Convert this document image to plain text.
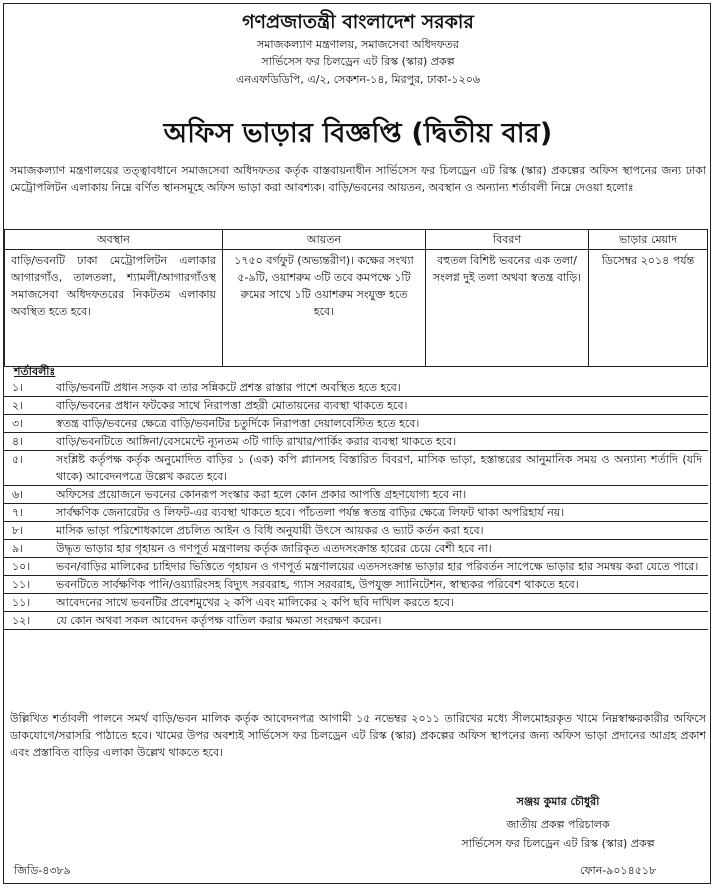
গণপ্রজাতন্ত্রী বাংলাদেশ সরকার
সমাজকল্যাণ মন্ত্রণালয়, সমাজসেবা অধিদফতর
সার্ভিসেস ফর চিলড্রেন এট রিস্ক (স্কার) প্রকল্প
এনএফডিডিপি, এ/২, সেকশন-১৪, মিরপুর, ঢাকা-১২০৬
অফিস ভাড়ার বিজ্ঞপ্তি (দ্বিতীয় বার)
সমাজকল্যাণ মন্ত্রণালয়ের তত্ত্বাবধানে সমাজসেবা অধিদফতর কর্তৃক বাস্তবায়নাধীন সার্ভিসেস ফর চিলড্রেন এট রিস্ক (স্কার) প্রকল্পের অফিস স্থাপনের জন্য ঢাকা মেট্রোপলিটন এলাকায় নিম্নে বর্ণিত স্থানসমূহে অফিস ভাড়া করা আবশ্যক। বাড়ি/ভবনের আয়তন, অবস্থান ও অন্যান্য শর্তাবলী নিম্নে দেওয়া হলোঃ
অবস্থান	আয়তন	বিবরণ	ভাড়ার মেয়াদ

বাড়ি/ভবনটি ঢাকা মেট্রোপলিটন এলাকার আগারগাঁও, তালতলা, শ্যামলী/আগারগাঁওস্থ সমাজসেবা অধিদফতরের নিকটতম এলাকায় অবস্থিত হতে হবে।	১৭৫০ বর্গফুট (অভ্যন্তরীণ)। কক্ষের সংখ্যা ৫-৯টি, ওয়াশরুম ৩টি তবে কমপক্ষে ১টি রুমের সাথে ১টি ওয়াশরুম সংযুক্ত হতে হবে।	বহুতল বিশিষ্ট ভবনের এক তলা/সংলগ্ন দুই তলা অথবা স্বতন্ত্র বাড়ি।	ডিসেম্বর ২০১৪ পর্যন্ত
শর্তাবলীঃ
১।	বাড়ি/ভবনটি প্রধান সড়ক বা তার সন্নিকটে প্রশস্ত রাস্তার পাশে অবস্থিত হতে হবে।
২।	বাড়ি/ভবনের প্রধান ফটকের সাথে নিরাপত্তা প্রহরী মোতায়নের ব্যবস্থা থাকতে হবে।
৩।	স্বতন্ত্র বাড়ি/ভবনের ক্ষেত্রে বাড়ি/ভবনটির চতুর্দিকে নিরাপত্তা দেয়ালবেস্টিত হতে হবে।
৪।	বাড়ি/ভবনটিতে আঙ্গিনা/বেসমেন্টে ন্যূনতম ৩টি গাড়ি রাখার/পার্কিং করার ব্যবস্থা থাকতে হবে।
৫।	সংশ্লিষ্ট কর্তৃপক্ষ কর্তৃক অনুমোদিত বাড়ির ১ (এক) কপি প্ল্যানসহ বিস্তারিত বিবরণ, মাসিক ভাড়া, হস্তান্তরের আনুমানিক সময় ও অন্যান্য শর্তাদি (যদি থাকে) আবেদনপত্রে উল্লেখ করতে হবে।
৬।	অফিসের প্রয়োজনে ভবনের কোনরূপ সংস্কার করা হলে কোন প্রকার আপত্তি গ্রহণযোগ্য হবে না।
৭।	সার্বক্ষণিক জেনারেটর ও লিফট-এর ব্যবস্থা থাকতে হবে। পাঁচতলা পর্যন্ত স্বতন্ত্র বাড়ির ক্ষেত্রে লিফট থাকা অপরিহার্য নয়।
৮।	মাসিক ভাড়া পরিশোধকালে প্রচলিত আইন ও বিধি অনুযায়ী উৎসে আয়কর ও ভ্যাট কর্তন করা হবে।
৯।	উদ্ধৃত ভাড়ার হার গৃহায়ন ও গণপূর্ত মন্ত্রণালয় কর্তৃক জারিকৃত এতদসংক্রান্ত হারের চেয়ে বেশী হবে না।
১০।	ভবন/বাড়ির মালিকের চাহিদার ভিত্তিতে গৃহায়ন ও গণপূর্ত মন্ত্রণালয়ের এতদসংক্রান্ত ভাড়ার হার পরিবর্তন সাপেক্ষে ভাড়ার হার সমন্বয় করা যেতে পারে।
১১।	ভবনটিতে সার্বক্ষণিক পানি/ওয়্যারিংসহ বিদ্যুৎ সরবরাহ, গ্যাস সরবরাহ, উপযুক্ত স্যানিটেশন, স্বাস্থ্যকর পরিবেশ থাকতে হবে।
১১।	আবেদনের সাথে ভবনটির প্রবেশমুখের ২ কপি এবং মালিকের ২ কপি ছবি দাখিল করতে হবে।
১২।	যে কোন অথবা সকল আবেদন কর্তৃপক্ষ বাতিল করার ক্ষমতা সংরক্ষণ করেন।
উল্লিখিত শর্তাবলী পালনে সমর্থ বাড়ি/ভবন মালিক কর্তৃক আবেদনপত্র আগামী ১৫ নভেম্বর ২০১১ তারিখের মধ্যে সীলমোহরকৃত খামে নিম্নস্বাক্ষরকারীর অফিসে ডাকযোগে/সরাসরি পাঠাতে হবে। খামের উপর অবশ্যই সার্ভিসেস ফর চিলড্রেন এট রিস্ক (স্কার) প্রকল্পের অফিস স্থাপনের জন্য অফিস ভাড়া প্রদানের আগ্রহ প্রকাশ এবং প্রস্তাবিত বাড়ির এলাকা উল্লেখ থাকতে হবে।
সঞ্জয় কুমার চৌধুরী
জাতীয় প্রকল্প পরিচালক
সার্ভিসেস ফর চিলড্রেন এট রিস্ক (স্কার) প্রকল্প
জিডি-৪৩৮৯	ফোন-৯০১৪৫১৮
